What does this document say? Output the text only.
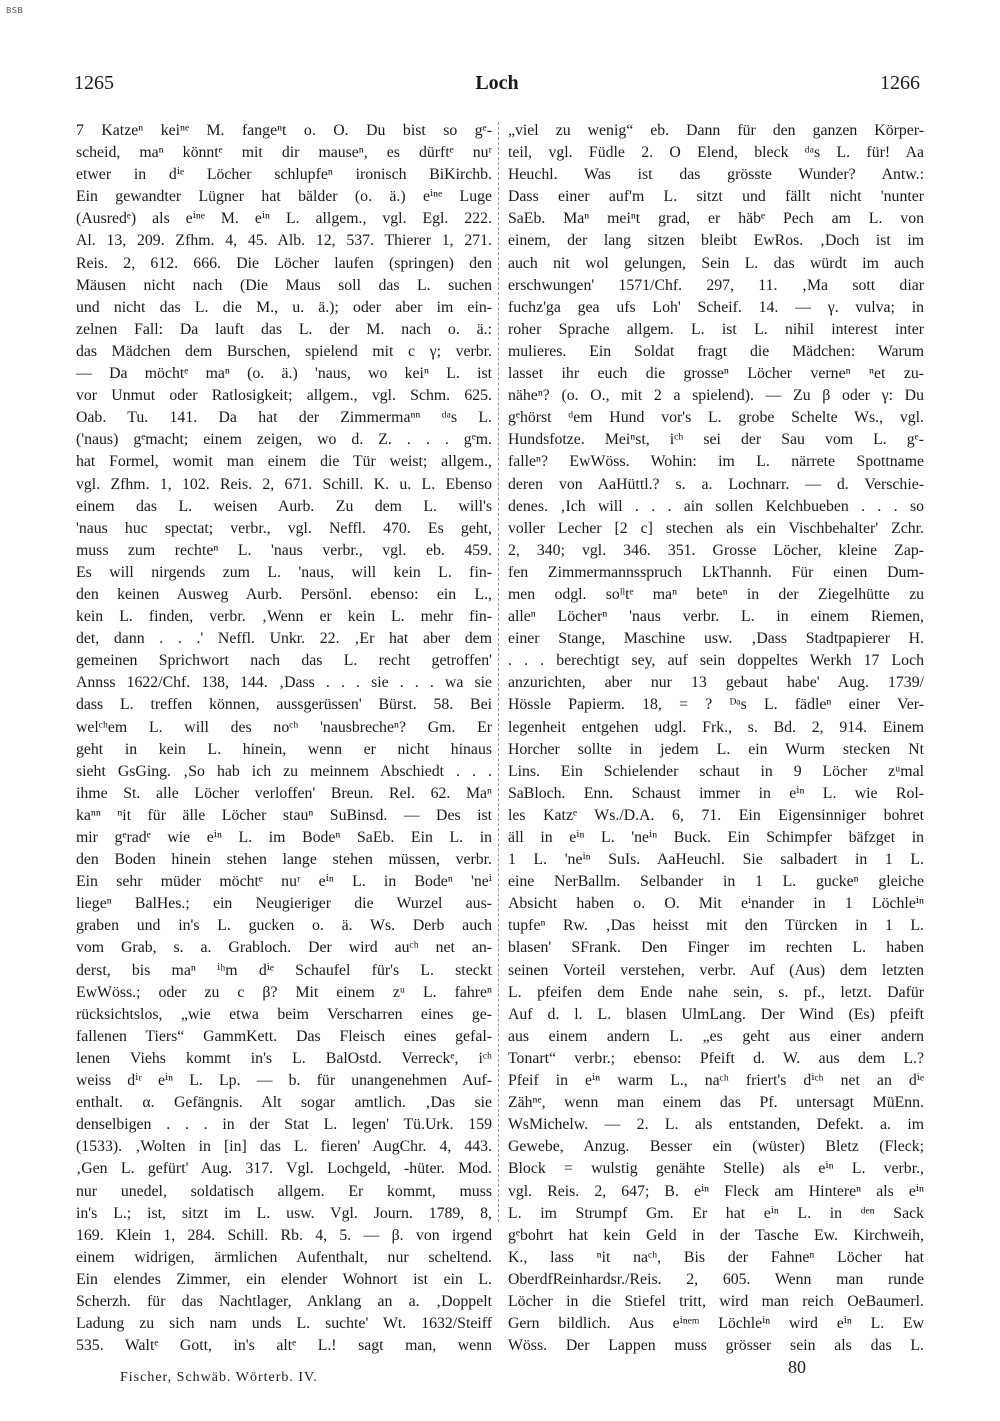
BSB
1265	Loch	1266
7 Katzeⁿ keiⁿᵉ M. fangeⁿt o. O. Du bist so gᵉ-
scheid, maⁿ könntᵉ mit dir mauseⁿ, es dürftᵉ nuʳ
etwer in dⁱᵉ Löcher schlupfeⁿ ironisch BiKirchb.
Ein gewandter Lügner hat bälder (o. ä.) eⁱⁿᵉ Luge
(Ausredᵉ) als eⁱⁿᵉ M. eⁱⁿ L. allgem., vgl. Egl. 222.
Al. 13, 209. Zfhm. 4, 45. Alb. 12, 537. Thierer 1, 271.
Reis. 2, 612. 666. Die Löcher laufen (springen) den
Mäusen nicht nach (Die Maus soll das L. suchen
und nicht das L. die M., u. ä.); oder aber im ein-
zelnen Fall: Da lauft das L. der M. nach o. ä.:
das Mädchen dem Burschen, spielend mit c γ; verbr.
— Da möchtᵉ maⁿ (o. ä.) 'naus, wo keiⁿ L. ist
vor Unmut oder Ratlosigkeit; allgem., vgl. Schm. 625.
Oab. Tu. 141. Da hat der Zimmermaⁿⁿ ᵈᵃs L.
('naus) gᵉmacht; einem zeigen, wo d. Z. . . . gᵉm.
hat Formel, womit man einem die Tür weist; allgem.,
vgl. Zfhm. 1, 102. Reis. 2, 671. Schill. K. u. L. Ebenso
einem das L. weisen Aurb. Zu dem L. will's
'naus huc spectat; verbr., vgl. Neffl. 470. Es geht,
muss zum rechteⁿ L. 'naus verbr., vgl. eb. 459.
Es will nirgends zum L. 'naus, will kein L. fin-
den keinen Ausweg Aurb. Persönl. ebenso: ein L.,
kein L. finden, verbr. ‚Wenn er kein L. mehr fin-
det, dann . . .' Neffl. Unkr. 22. ‚Er hat aber dem
gemeinen Sprichwort nach das L. recht getroffen'
Annss 1622/Chf. 138, 144. ‚Dass . . . sie . . . wa sie
dass L. treffen können, aussgerüssen' Bürst. 58. Bei
welᶜʰem L. will des noᶜʰ 'nausbrecheⁿ? Gm. Er
geht in kein L. hinein, wenn er nicht hinaus
sieht GsGing. ‚So hab ich zu meinnem Abschiedt . . .
ihme St. alle Löcher verloffen' Breun. Rel. 62. Maⁿ
kaⁿⁿ ⁿit für älle Löcher stauⁿ SuBinsd. — Des ist
mir gᵉradᵉ wie eⁱⁿ L. im Bodeⁿ SaEb. Ein L. in
den Boden hinein stehen lange stehen müssen, verbr.
Ein sehr müder möchtᵉ nuʳ eⁱⁿ L. in Bodeⁿ 'neⁱ
liegeⁿ BalHes.; ein Neugieriger die Wurzel aus-
graben und in's L. gucken o. ä. Ws. Derb auch
vom Grab, s. a. Grabloch. Der wird auᶜʰ net an-
derst, bis maⁿ ⁱʰm dⁱᵉ Schaufel für's L. steckt
EwWöss.; oder zu c β? Mit einem zᵘ L. fahreⁿ
rücksichtslos, „wie etwa beim Verscharren eines ge-
fallenen Tiers“ GammKett. Das Fleisch eines gefal-
lenen Viehs kommt in's L. BalOstd. Verreckᵉ, iᶜʰ
weiss dⁱʳ eⁱⁿ L. Lp. — b. für unangenehmen Auf-
enthalt. α. Gefängnis. Alt sogar amtlich. ‚Das sie
denselbigen . . . in der Stat L. legen' Tü.Urk. 159
(1533). ‚Wolten in [in] das L. fieren' AugChr. 4, 443.
‚Gen L. gefürt' Aug. 317. Vgl. Lochgeld, -hüter. Mod.
nur unedel, soldatisch allgem. Er kommt, muss
in's L.; ist, sitzt im L. usw. Vgl. Journ. 1789, 8,
169. Klein 1, 284. Schill. Rb. 4, 5. — β. von irgend
einem widrigen, ärmlichen Aufenthalt, nur scheltend.
Ein elendes Zimmer, ein elender Wohnort ist ein L.
Scherzh. für das Nachtlager, Anklang an a. ‚Doppelt
Ladung zu sich nam unds L. suchte' Wt. 1632/Steiff
535. Waltᵉ Gott, in's altᵉ L.! sagt man, wenn
„viel zu wenig“ eb. Dann für den ganzen Körper-
teil, vgl. Füdle 2. O Elend, bleck ᵈᵃs L. für! Aa
Heuchl. Was ist das grösste Wunder? Antw.:
Dass einer auf'm L. sitzt und fällt nicht 'nunter
SaEb. Maⁿ meiⁿt grad, er häbᵉ Pech am L. von
einem, der lang sitzen bleibt EwRos. ‚Doch ist im
auch nit wol gelungen, Sein L. das würdt im auch
erschwungen' 1571/Chf. 297, 11. ‚Ma sott diar
fuchz'ga gea ufs Loh' Scheif. 14. — γ. vulva; in
roher Sprache allgem. L. ist L. nihil interest inter
mulieres. Ein Soldat fragt die Mädchen: Warum
lasset ihr euch die grosseⁿ Löcher verneⁿ ⁿet zu-
näheⁿ? (o. O., mit 2 a spielend). — Zu β oder γ: Du
gᵉhörst ᵈem Hund vor's L. grobe Schelte Ws., vgl.
Hundsfotze. Meiⁿst, iᶜʰ sei der Sau vom L. gᵉ-
falleⁿ? EwWöss. Wohin: im L. närrete Spottname
deren von AaHüttl.? s. a. Lochnarr. — d. Verschie-
denes. ‚Ich will . . . ain sollen Kelchbueben . . . so
voller Lecher [2 c] stechen als ein Vischbehalter' Zchr.
2, 340; vgl. 346. 351. Grosse Löcher, kleine Zap-
fen Zimmermannsspruch LkThannh. Für einen Dum-
men odgl. soˡˡtᵉ maⁿ beteⁿ in der Ziegelhütte zu
alleⁿ Löcherⁿ 'naus verbr. L. in einem Riemen,
einer Stange, Maschine usw. ‚Dass Stadtpapierer H.
. . . berechtigt sey, auf sein doppeltes Werkh 17 Loch
anzurichten, aber nur 13 gebaut habe' Aug. 1739/
Hössle Papierm. 18, = ? ᴰᵃs L. fädleⁿ einer Ver-
legenheit entgehen udgl. Frk., s. Bd. 2, 914. Einem
Horcher sollte in jedem L. ein Wurm stecken Nt
Lins. Ein Schielender schaut in 9 Löcher zᵘmal
SaBloch. Enn. Schaust immer in eⁱⁿ L. wie Rol-
les Katzᵉ Ws./D.A. 6, 71. Ein Eigensinniger bohret
äll in eⁱⁿ L. 'neⁱⁿ Buck. Ein Schimpfer bäfzget in
1 L. 'neⁱⁿ SuIs. AaHeuchl. Sie salbadert in 1 L.
eine NerBallm. Selbander in 1 L. guckeⁿ gleiche
Absicht haben o. O. Mit eⁱnander in 1 Löchleⁱⁿ
tupfeⁿ Rw. ‚Das heisst mit den Türcken in 1 L.
blasen' SFrank. Den Finger im rechten L. haben
seinen Vorteil verstehen, verbr. Auf (Aus) dem letzten
L. pfeifen dem Ende nahe sein, s. pf., letzt. Dafür
Auf d. l. L. blasen UlmLang. Der Wind (Es) pfeift
aus einem andern L. „es geht aus einer andern
Tonart“ verbr.; ebenso: Pfeift d. W. aus dem L.?
Pfeif in eⁱⁿ warm L., naᶜʰ friert's dⁱᶜʰ net an dⁱᵉ
Zähⁿᵉ, wenn man einem das Pf. untersagt MüEnn.
WsMichelw. — 2. L. als entstanden, Defekt. a. im
Gewebe, Anzug. Besser ein (wüster) Bletz (Fleck;
Block = wulstig genähte Stelle) als eⁱⁿ L. verbr.,
vgl. Reis. 2, 647; B. eⁱⁿ Fleck am Hintereⁿ als eⁱⁿ
L. im Strumpf Gm. Er hat eⁱⁿ L. in ᵈᵉⁿ Sack
gᵉbohrt hat kein Geld in der Tasche Ew. Kirchweih,
K., lass ⁿit naᶜʰ, Bis der Fahneⁿ Löcher hat
OberdfReinhardsr./Reis. 2, 605. Wenn man runde
Löcher in die Stiefel tritt, wird man reich OeBaumerl.
Gern bildlich. Aus eⁱⁿᵉᵐ Löchleⁱⁿ wird eⁱⁿ L. Ew
Wöss. Der Lappen muss grösser sein als das L.
Fischer, Schwäb. Wörterb. IV.
80
